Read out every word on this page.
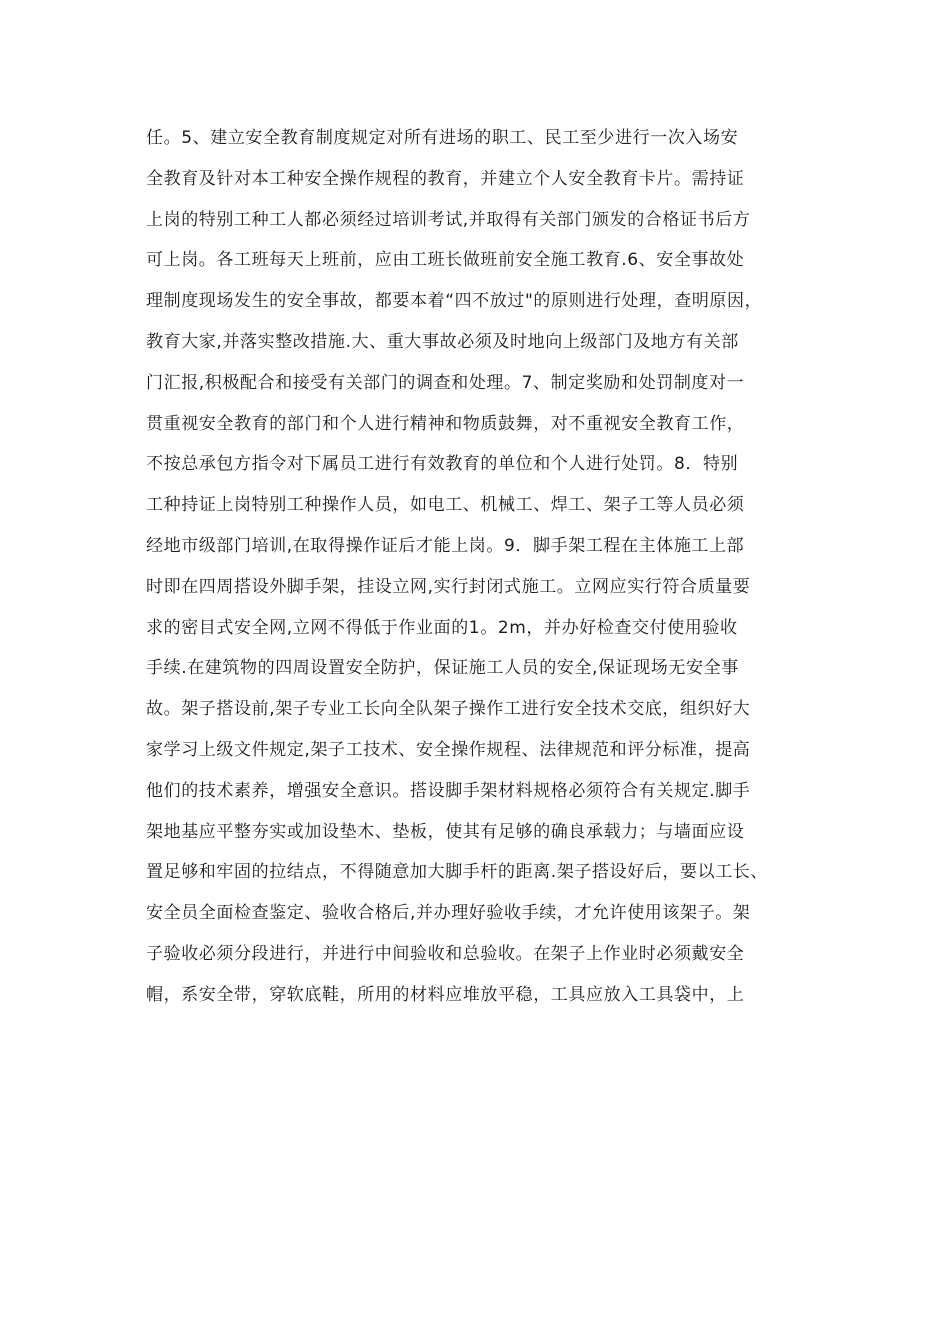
任。5、建立安全教育制度规定对所有进场的职工、民工至少进行一次入场安
全教育及针对本工种安全操作规程的教育，并建立个人安全教育卡片。需持证
上岗的特别工种工人都必须经过培训考试,并取得有关部门颁发的合格证书后方
可上岗。各工班每天上班前，应由工班长做班前安全施工教育.6、安全事故处
理制度现场发生的安全事故，都要本着“四不放过"的原则进行处理，查明原因，
教育大家,并落实整改措施.大、重大事故必须及时地向上级部门及地方有关部
门汇报,积极配合和接受有关部门的调查和处理。7、制定奖励和处罚制度对一
贯重视安全教育的部门和个人进行精神和物质鼓舞，对不重视安全教育工作，
不按总承包方指令对下属员工进行有效教育的单位和个人进行处罚。8．特别
工种持证上岗特别工种操作人员，如电工、机械工、焊工、架子工等人员必须
经地市级部门培训,在取得操作证后才能上岗。9．脚手架工程在主体施工上部
时即在四周搭设外脚手架，挂设立网,实行封闭式施工。立网应实行符合质量要
求的密目式安全网,立网不得低于作业面的1。2m，并办好检查交付使用验收
手续.在建筑物的四周设置安全防护，保证施工人员的安全,保证现场无安全事
故。架子搭设前,架子专业工长向全队架子操作工进行安全技术交底，组织好大
家学习上级文件规定,架子工技术、安全操作规程、法律规范和评分标准，提高
他们的技术素养，增强安全意识。搭设脚手架材料规格必须符合有关规定.脚手
架地基应平整夯实或加设垫木、垫板，使其有足够的确良承载力；与墙面应设
置足够和牢固的拉结点，不得随意加大脚手杆的距离.架子搭设好后，要以工长、
安全员全面检查鉴定、验收合格后,并办理好验收手续，才允许使用该架子。架
子验收必须分段进行，并进行中间验收和总验收。在架子上作业时必须戴安全
帽，系安全带，穿软底鞋，所用的材料应堆放平稳，工具应放入工具袋中，上
